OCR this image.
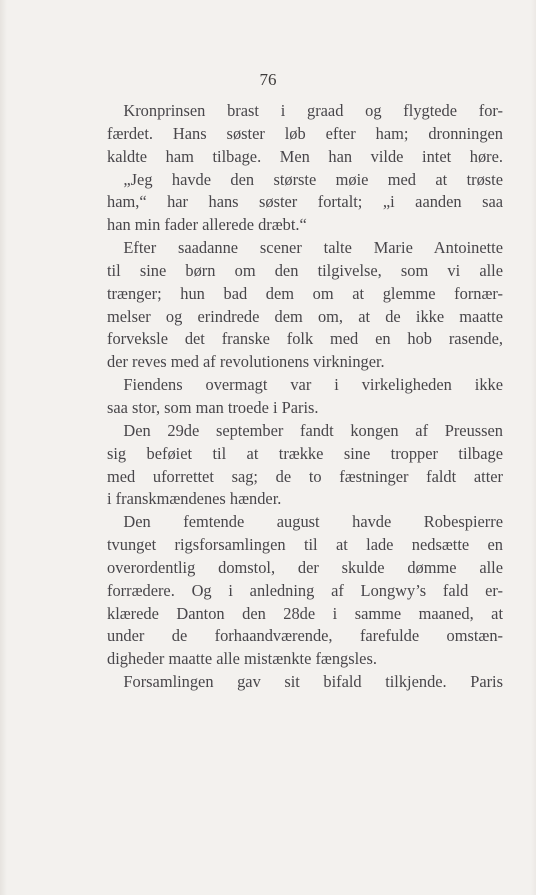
76
Kronprinsen brast i graad og flygtede for-
færdet. Hans søster løb efter ham; dronningen
kaldte ham tilbage. Men han vilde intet høre.
„Jeg havde den største møie med at trøste
ham,“ har hans søster fortalt; „i aanden saa
han min fader allerede dræbt.“
Efter saadanne scener talte Marie Antoinette
til sine børn om den tilgivelse, som vi alle
trænger; hun bad dem om at glemme fornær-
melser og erindrede dem om, at de ikke maatte
forveksle det franske folk med en hob rasende,
der reves med af revolutionens virkninger.
Fiendens overmagt var i virkeligheden ikke
saa stor, som man troede i Paris.
Den 29de september fandt kongen af Preussen
sig beføiet til at trække sine tropper tilbage
med uforrettet sag; de to fæstninger faldt atter
i franskmændenes hænder.
Den femtende august havde Robespierre
tvunget rigsforsamlingen til at lade nedsætte en
overordentlig domstol, der skulde dømme alle
forrædere. Og i anledning af Longwy’s fald er-
klærede Danton den 28de i samme maaned, at
under de forhaandværende, farefulde omstæn-
digheder maatte alle mistænkte fængsles.
Forsamlingen gav sit bifald tilkjende. Paris
